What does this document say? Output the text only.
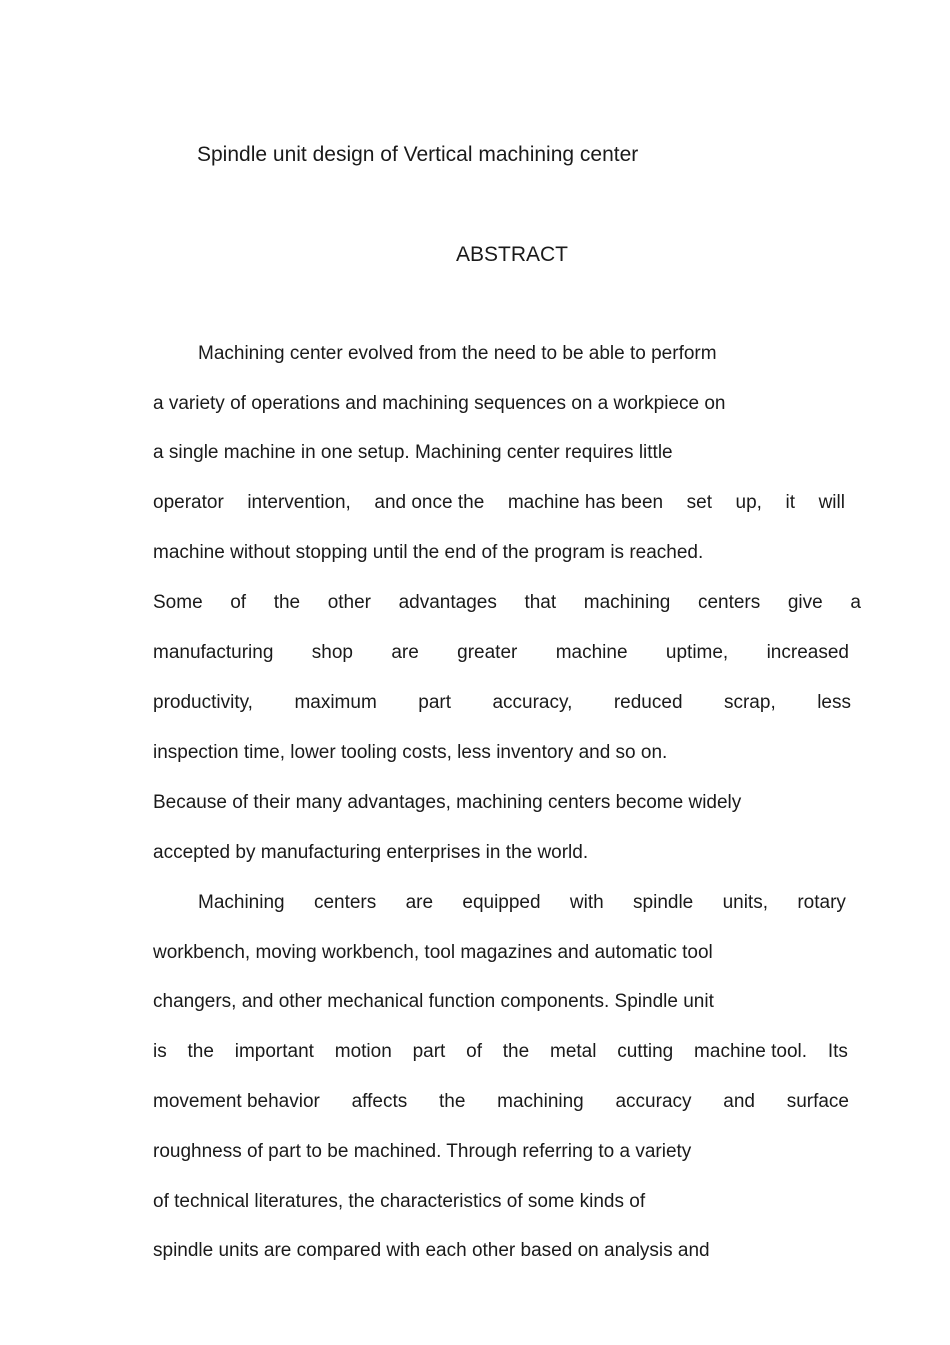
Spindle unit design of Vertical machining center
ABSTRACT
Machining center evolved from the need to be able to perform
a variety of operations and machining sequences on a workpiece on
a single machine in one setup. Machining center requires little
operator intervention, and once the machine has been set up, it will
machine without stopping until the end of the program is reached.
Some of the other advantages that machining centers give a
manufacturing shop are greater machine uptime, increased
productivity, maximum part accuracy, reduced scrap, less
inspection time, lower tooling costs, less inventory and so on.
Because of their many advantages, machining centers become widely
accepted by manufacturing enterprises in the world.
Machining centers are equipped with spindle units, rotary
workbench, moving workbench, tool magazines and automatic tool
changers, and other mechanical function components. Spindle unit
is the important motion part of the metal cutting machine tool. Its
movement behavior affects the machining accuracy and surface
roughness of part to be machined. Through referring to a variety
of technical literatures, the characteristics of some kinds of
spindle units are compared with each other based on analysis and
